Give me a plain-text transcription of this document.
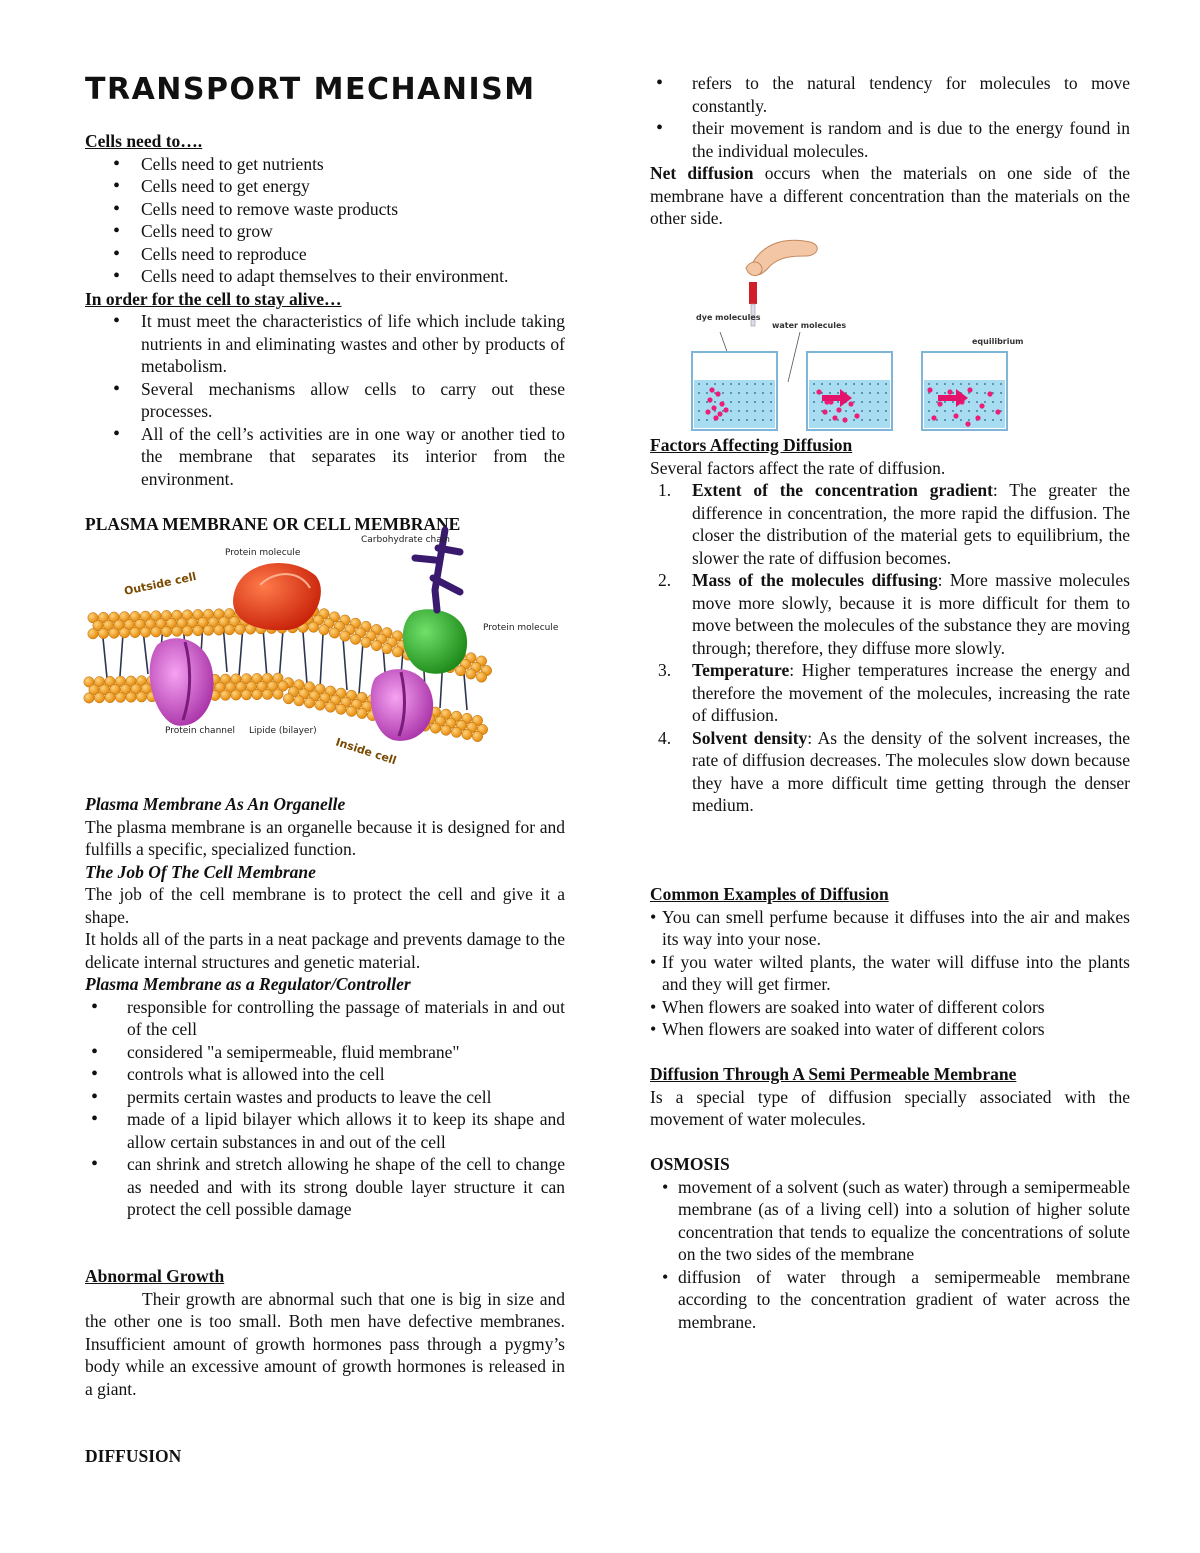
TRANSPORT MECHANISM

Cells need to….

• Cells need to get nutrients
• Cells need to get energy
• Cells need to remove waste products
• Cells need to grow
• Cells need to reproduce
• Cells need to adapt themselves to their environment.

In order for the cell to stay alive…

• It must meet the characteristics of life which include taking nutrients in and eliminating wastes and other by products of metabolism.
• Several mechanisms allow cells to carry out these processes.
• All of the cell’s activities are in one way or another tied to the membrane that separates its interior from the environment.

PLASMA MEMBRANE OR CELL MEMBRANE

Protein molecule
Carbohydrate chain
Outside cell
Protein molecule
Protein channel Lipide (bilayer)
Inside cell

Plasma Membrane As An Organelle

The plasma membrane is an organelle because it is designed for and fulfills a specific, specialized function.

The Job Of The Cell Membrane

The job of the cell membrane is to protect the cell and give it a shape.

It holds all of the parts in a neat package and prevents damage to the delicate internal structures and genetic material.

Plasma Membrane as a Regulator/Controller

• responsible for controlling the passage of materials in and out of the cell
• considered "a semipermeable, fluid membrane"
• controls what is allowed into the cell
• permits certain wastes and products to leave the cell
• made of a lipid bilayer which allows it to keep its shape and allow certain substances in and out of the cell
• can shrink and stretch allowing he shape of the cell to change as needed and with its strong double layer structure it can protect the cell possible damage

Abnormal Growth

Their growth are abnormal such that one is big in size and the other one is too small. Both men have defective membranes. Insufficient amount of growth hormones pass through a pygmy’s body while an excessive amount of growth hormones is released in a giant.

DIFFUSION

• refers to the natural tendency for molecules to move constantly.
• their movement is random and is due to the energy found in the individual molecules.

Net diffusion occurs when the materials on one side of the membrane have a different concentration than the materials on the other side.

dye molecules
water molecules
equilibrium

Factors Affecting Diffusion

Several factors affect the rate of diffusion.

1. Extent of the concentration gradient: The greater the difference in concentration, the more rapid the diffusion. The closer the distribution of the material gets to equilibrium, the slower the rate of diffusion becomes.
2. Mass of the molecules diffusing: More massive molecules move more slowly, because it is more difficult for them to move between the molecules of the substance they are moving through; therefore, they diffuse more slowly.
3. Temperature: Higher temperatures increase the energy and therefore the movement of the molecules, increasing the rate of diffusion.
4. Solvent density: As the density of the solvent increases, the rate of diffusion decreases. The molecules slow down because they have a more difficult time getting through the denser medium.

Common Examples of Diffusion

• You can smell perfume because it diffuses into the air and makes its way into your nose.
• If you water wilted plants, the water will diffuse into the plants and they will get firmer.
• When flowers are soaked into water of different colors
• When flowers are soaked into water of different colors

Diffusion Through A Semi Permeable Membrane

Is a special type of diffusion specially associated with the movement of water molecules.

OSMOSIS

• movement of a solvent (such as water) through a semipermeable membrane (as of a living cell) into a solution of higher solute concentration that tends to equalize the concentrations of solute on the two sides of the membrane
• diffusion of water through a semipermeable membrane according to the concentration gradient of water across the membrane.
